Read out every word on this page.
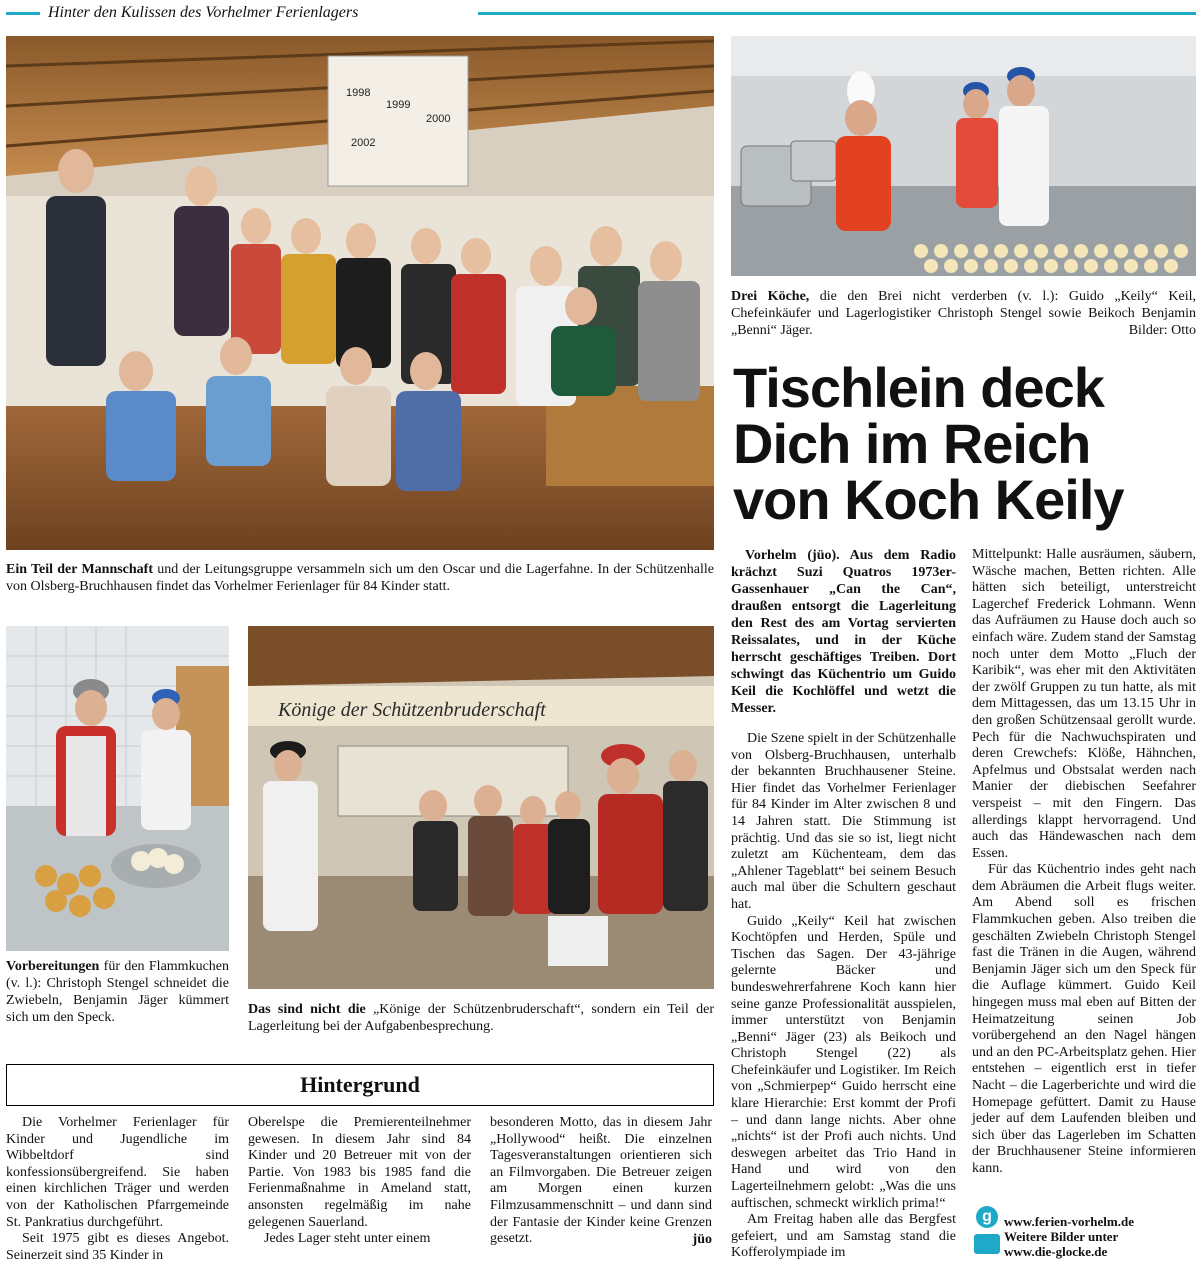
Hinter den Kulissen des Vorhelmer Ferienlagers
1998
1999
2000
2002
Ein Teil der Mannschaft und der Leitungsgruppe versammeln sich um den Oscar und die Lagerfahne. In der Schützenhalle von Olsberg-Bruchhausen findet das Vorhelmer Ferienlager für 84 Kinder statt.
Drei Köche, die den Brei nicht verderben (v. l.): Guido „Keily“ Keil, Chefeinkäufer und Lagerlogistiker Christoph Stengel sowie Beikoch Benjamin „Benni“ Jäger.	Bilder: Otto
Tischlein deck
Dich im Reich
von Koch Keily
Vorhelm (jüo). Aus dem Radio krächzt Suzi Quatros 1973er-Gassenhauer „Can the Can“, draußen entsorgt die Lagerleitung den Rest des am Vortag servierten Reissalates, und in der Küche herrscht geschäftiges Treiben. Dort schwingt das Küchentrio um Guido Keil die Kochlöffel und wetzt die Messer.

Die Szene spielt in der Schützenhalle von Olsberg-Bruchhausen, unterhalb der bekannten Bruchhausener Steine. Hier findet das Vorhelmer Ferienlager für 84 Kinder im Alter zwischen 8 und 14 Jahren statt. Die Stimmung ist prächtig. Und das sie so ist, liegt nicht zuletzt am Küchenteam, dem das „Ahlener Tageblatt“ bei seinem Besuch auch mal über die Schultern geschaut hat.

Guido „Keily“ Keil hat zwischen Kochtöpfen und Herden, Spüle und Tischen das Sagen. Der 43-jährige gelernte Bäcker und bundeswehrerfahrene Koch kann hier seine ganze Professionalität ausspielen, immer unterstützt von Benjamin „Benni“ Jäger (23) als Beikoch und Christoph Stengel (22) als Chefeinkäufer und Logistiker. Im Reich von „Schmierpep“ Guido herrscht eine klare Hierarchie: Erst kommt der Profi – und dann lange nichts. Aber ohne „nichts“ ist der Profi auch nichts. Und deswegen arbeitet das Trio Hand in Hand und wird von den Lagerteilnehmern gelobt: „Was die uns auftischen, schmeckt wirklich prima!“

Am Freitag haben alle das Bergfest gefeiert, und am Samstag stand die Kofferolympiade im

Mittelpunkt: Halle ausräumen, säubern, Wäsche machen, Betten richten. Alle hätten sich beteiligt, unterstreicht Lagerchef Frederick Lohmann. Wenn das Aufräumen zu Hause doch auch so einfach wäre. Zudem stand der Samstag noch unter dem Motto „Fluch der Karibik“, was eher mit den Aktivitäten der zwölf Gruppen zu tun hatte, als mit dem Mittagessen, das um 13.15 Uhr in den großen Schützensaal gerollt wurde. Pech für die Nachwuchspiraten und deren Crewchefs: Klöße, Hähnchen, Apfelmus und Obstsalat werden nach Manier der diebischen Seefahrer verspeist – mit den Fingern. Das allerdings klappt hervorragend. Und auch das Händewaschen nach dem Essen.

Für das Küchentrio indes geht nach dem Abräumen die Arbeit flugs weiter. Am Abend soll es frischen Flammkuchen geben. Also treiben die geschälten Zwiebeln Christoph Stengel fast die Tränen in die Augen, während Benjamin Jäger sich um den Speck für die Auflage kümmert. Guido Keil hingegen muss mal eben auf Bitten der Heimatzeitung seinen Job vorübergehend an den Nagel hängen und an den PC-Arbeitsplatz gehen. Hier entstehen – eigentlich erst in tiefer Nacht – die Lagerberichte und wird die Homepage gefüttert. Damit zu Hause jeder auf dem Laufenden bleiben und sich über das Lagerleben im Schatten der Bruchhausener Steine informieren kann.

g www.ferien-vorhelm.de
Weitere Bilder unter
www.die-glocke.de
Vorbereitungen für den Flammkuchen (v. l.): Christoph Stengel schneidet die Zwiebeln, Benjamin Jäger kümmert sich um den Speck.
Könige der Schützenbruderschaft
Das sind nicht die „Könige der Schützenbruderschaft“, sondern ein Teil der Lagerleitung bei der Aufgabenbesprechung.
Hintergrund

Die Vorhelmer Ferienlager für Kinder und Jugendliche im Wibbeltdorf sind konfessionsübergreifend. Sie haben einen kirchlichen Träger und werden von der Katholischen Pfarrgemeinde St. Pankratius durchgeführt.

Seit 1975 gibt es dieses Angebot. Seinerzeit sind 35 Kinder in

Oberelspe die Premierenteilnehmer gewesen. In diesem Jahr sind 84 Kinder und 20 Betreuer mit von der Partie. Von 1983 bis 1985 fand die Ferienmaßnahme in Ameland statt, ansonsten regelmäßig im nahe gelegenen Sauerland.

Jedes Lager steht unter einem

besonderen Motto, das in diesem Jahr „Hollywood“ heißt. Die einzelnen Tagesveranstaltungen orientieren sich an Filmvorgaben. Die Betreuer zeigen am Morgen einen kurzen Filmzusammenschnitt – und dann sind der Fantasie der Kinder keine Grenzen gesetzt.	jüo
